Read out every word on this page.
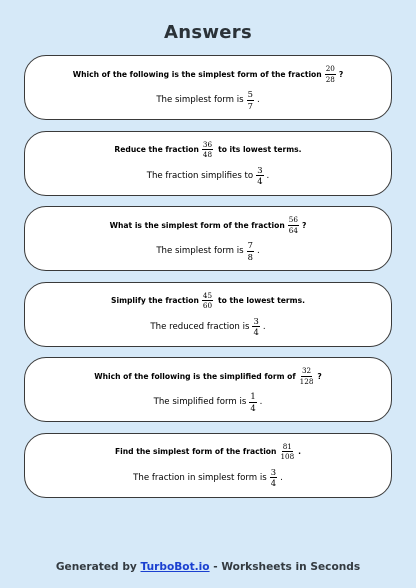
Answers
Which of the following is the simplest form of the fraction $\frac{20}{28}$ ?
The simplest form is $\frac{5}{7}$ .
Reduce the fraction $\frac{36}{48}$ to its lowest terms.
The fraction simplifies to $\frac{3}{4}$ .
What is the simplest form of the fraction $\frac{56}{64}$ ?
The simplest form is $\frac{7}{8}$ .
Simplify the fraction $\frac{45}{60}$ to the lowest terms.
The reduced fraction is $\frac{3}{4}$ .
Which of the following is the simplified form of $\frac{32}{128}$ ?
The simplified form is $\frac{1}{4}$ .
Find the simplest form of the fraction $\frac{81}{108}$ .
The fraction in simplest form is $\frac{3}{4}$ .
Generated by TurboBot.io - Worksheets in Seconds
